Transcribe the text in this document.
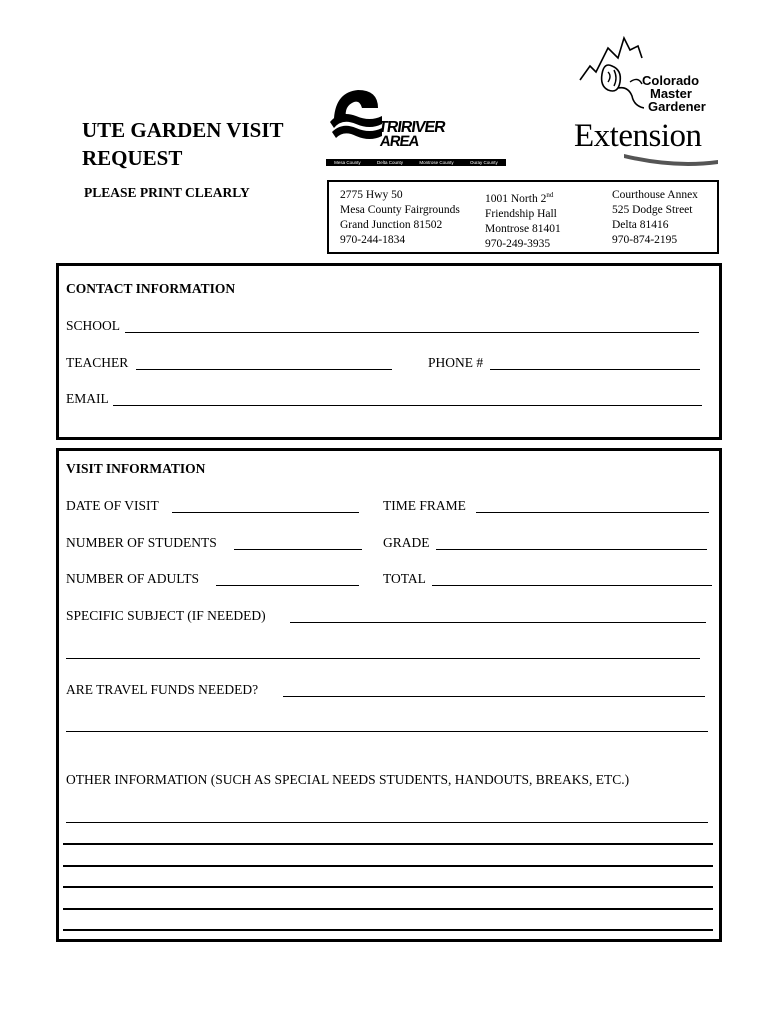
UTE GARDEN VISIT
REQUEST
PLEASE PRINT CLEARLY
TRIRIVER
AREA
Mesa County	Delta County	Montrose County	Ouray County
Colorado
Master
Gardener
Extension
2775 Hwy 50
Mesa County Fairgrounds
Grand Junction 81502
970-244-1834
1001 North 2nd
Friendship Hall
Montrose 81401
970-249-3935
Courthouse Annex
525 Dodge Street
Delta 81416
970-874-2195
CONTACT INFORMATION
SCHOOL
TEACHER	PHONE #
EMAIL
VISIT INFORMATION
DATE OF VISIT	TIME FRAME
NUMBER OF STUDENTS	GRADE
NUMBER OF ADULTS	TOTAL
SPECIFIC SUBJECT (IF NEEDED)
ARE TRAVEL FUNDS NEEDED?
OTHER INFORMATION (SUCH AS SPECIAL NEEDS STUDENTS, HANDOUTS, BREAKS, ETC.)
